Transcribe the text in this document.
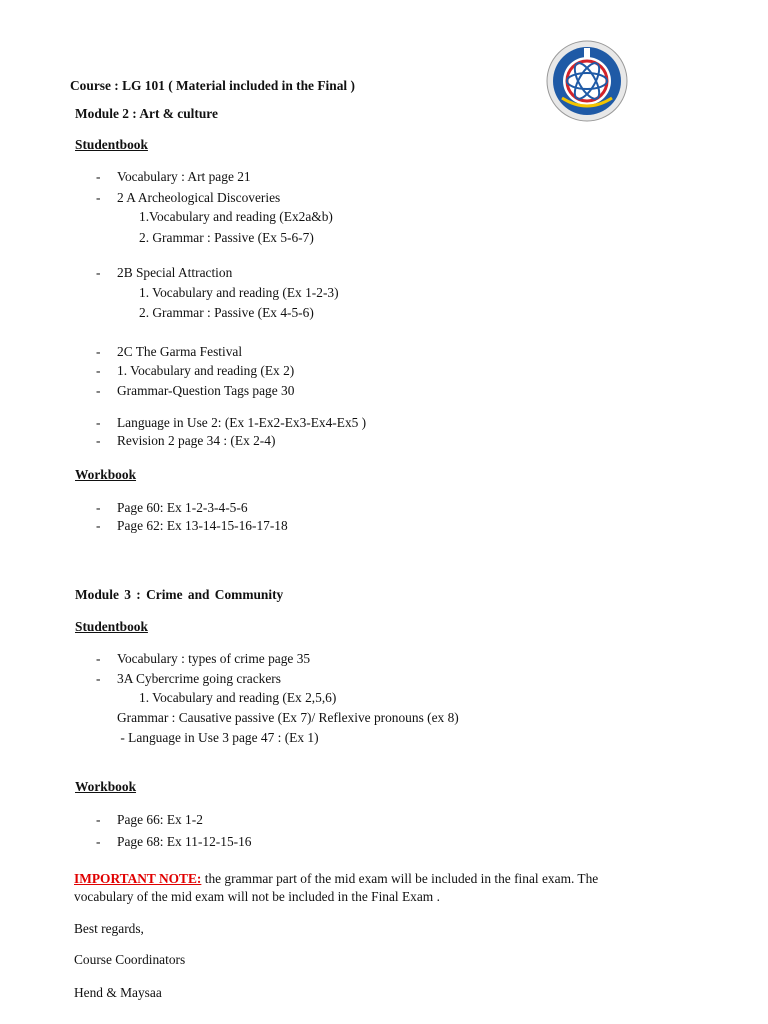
Course : LG 101 ( Material included in the Final )
Module 2 : Art & culture
Studentbook
- Vocabulary : Art page 21
- 2 A Archeological Discoveries
1.Vocabulary and reading (Ex2a&b)
2. Grammar : Passive (Ex 5-6-7)
- 2B Special Attraction
1. Vocabulary and reading (Ex 1-2-3)
2. Grammar : Passive (Ex 4-5-6)
- 2C The Garma Festival
- 1. Vocabulary and reading (Ex 2)
- Grammar-Question Tags page 30
- Language in Use 2: (Ex 1-Ex2-Ex3-Ex4-Ex5 )
- Revision 2 page 34 : (Ex 2-4)
Workbook
- Page 60: Ex 1-2-3-4-5-6
- Page 62: Ex 13-14-15-16-17-18
Module 3 : Crime and Community
Studentbook
- Vocabulary : types of crime page 35
- 3A Cybercrime going crackers
1. Vocabulary and reading (Ex 2,5,6)
Grammar : Causative passive (Ex 7)/ Reflexive pronouns (ex 8)
- Language in Use 3 page 47 : (Ex 1)
Workbook
- Page 66: Ex 1-2
- Page 68: Ex 11-12-15-16
IMPORTANT NOTE: the grammar part of the mid exam will be included in the final exam. The
vocabulary of the mid exam will not be included in the Final Exam .
Best regards,
Course Coordinators
Hend & Maysaa
